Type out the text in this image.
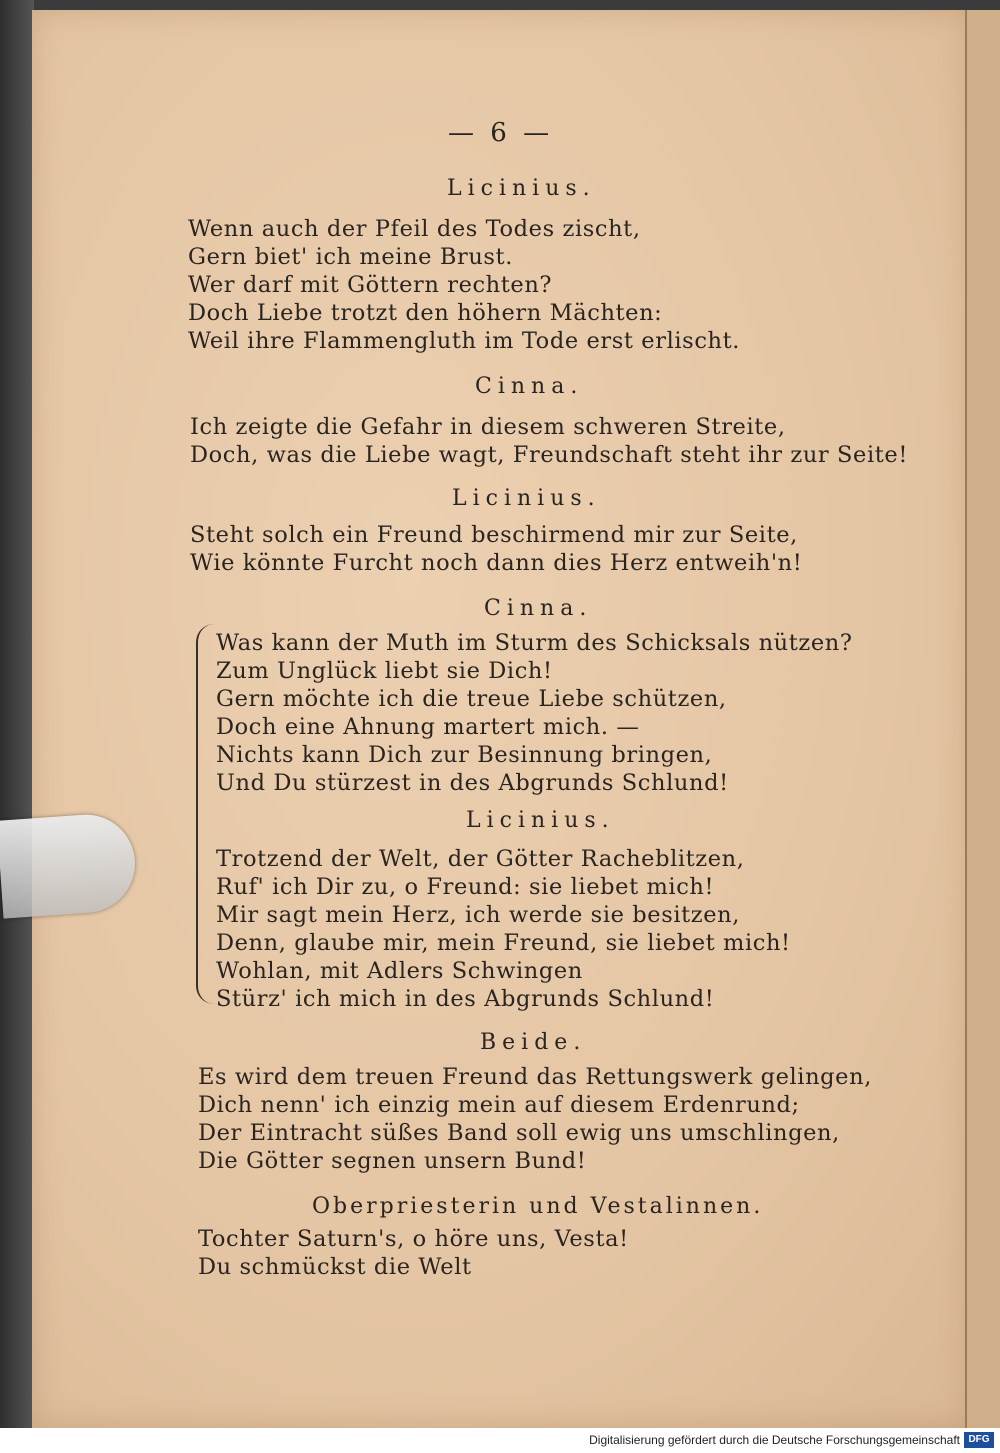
— 6 —
Licinius.
Wenn auch der Pfeil des Todes zischt,
Gern biet' ich meine Brust.
Wer darf mit Göttern rechten?
Doch Liebe trotzt den höhern Mächten:
Weil ihre Flammengluth im Tode erst erlischt.
Cinna.
Ich zeigte die Gefahr in diesem schweren Streite,
Doch, was die Liebe wagt, Freundschaft steht ihr zur Seite!
Licinius.
Steht solch ein Freund beschirmend mir zur Seite,
Wie könnte Furcht noch dann dies Herz entweih'n!
Cinna.
Was kann der Muth im Sturm des Schicksals nützen?
Zum Unglück liebt sie Dich!
Gern möchte ich die treue Liebe schützen,
Doch eine Ahnung martert mich. —
Nichts kann Dich zur Besinnung bringen,
Und Du stürzest in des Abgrunds Schlund!
Licinius.
Trotzend der Welt, der Götter Racheblitzen,
Ruf' ich Dir zu, o Freund: sie liebet mich!
Mir sagt mein Herz, ich werde sie besitzen,
Denn, glaube mir, mein Freund, sie liebet mich!
Wohlan, mit Adlers Schwingen
Stürz' ich mich in des Abgrunds Schlund!
Beide.
Es wird dem treuen Freund das Rettungswerk gelingen,
Dich nenn' ich einzig mein auf diesem Erdenrund;
Der Eintracht süßes Band soll ewig uns umschlingen,
Die Götter segnen unsern Bund!
Oberpriesterin und Vestalinnen.
Tochter Saturn's, o höre uns, Vesta!
Du schmückst die Welt
Digitalisierung gefördert durch die Deutsche Forschungsgemeinschaft DFG
